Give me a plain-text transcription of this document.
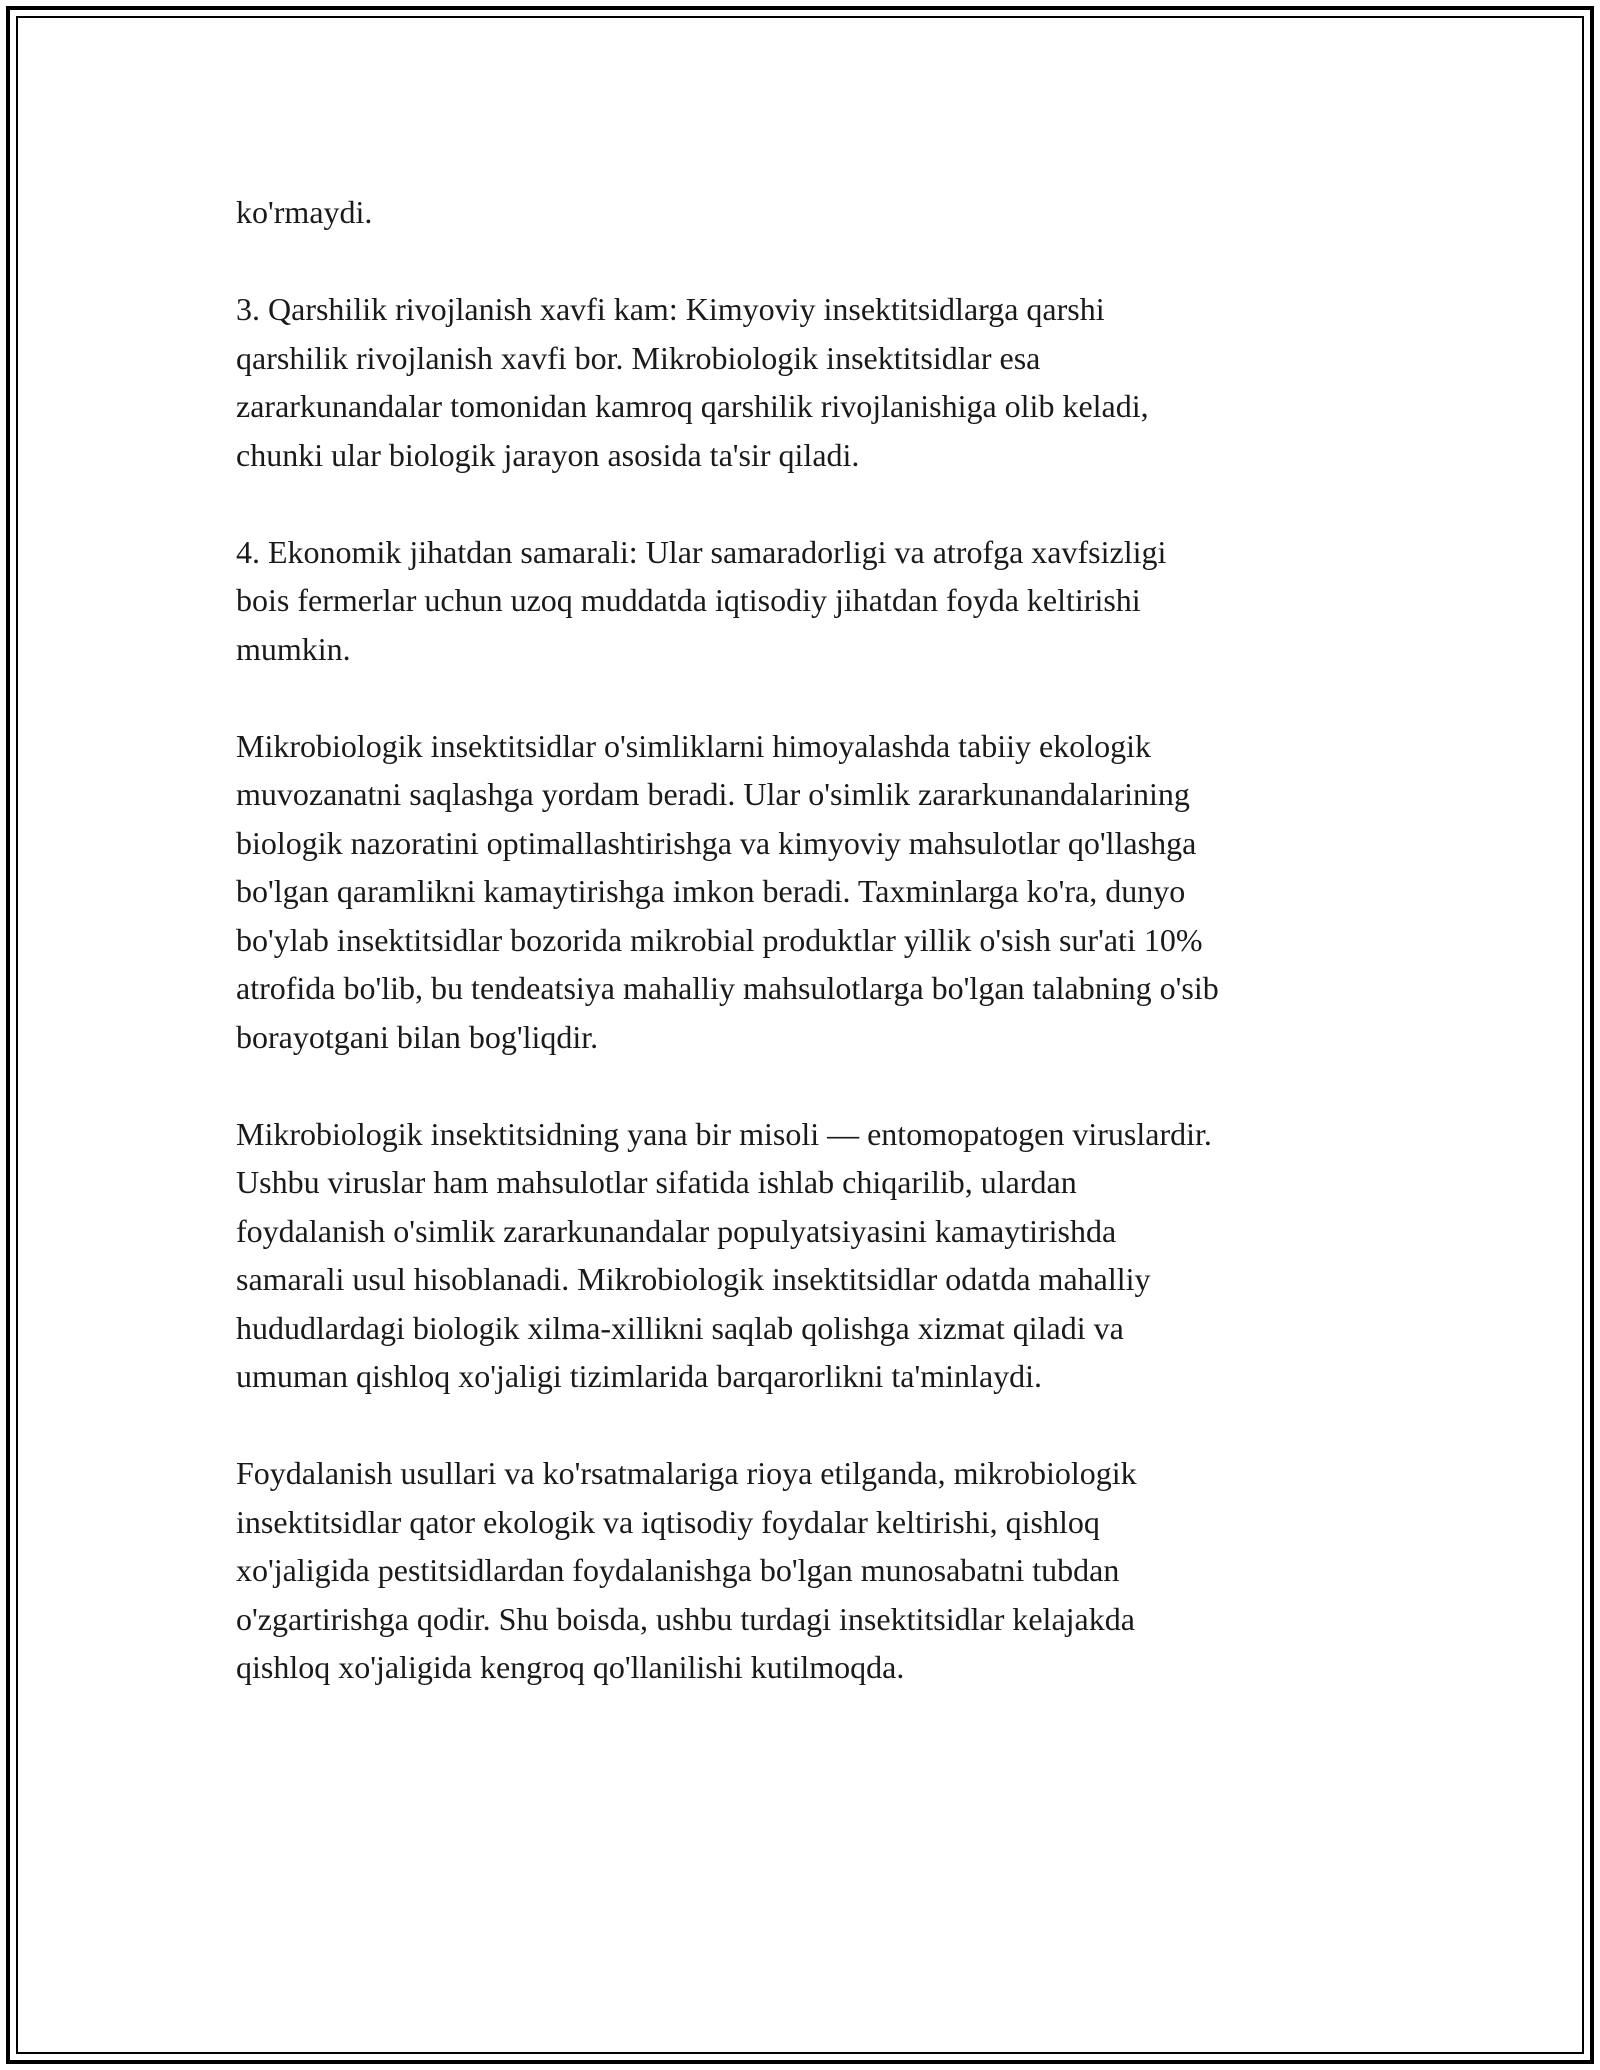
ko'rmaydi.

3. Qarshilik rivojlanish xavfi kam: Kimyoviy insektitsidlarga qarshi
qarshilik rivojlanish xavfi bor. Mikrobiologik insektitsidlar esa
zararkunandalar tomonidan kamroq qarshilik rivojlanishiga olib keladi,
chunki ular biologik jarayon asosida ta'sir qiladi.

4. Ekonomik jihatdan samarali: Ular samaradorligi va atrofga xavfsizligi
bois fermerlar uchun uzoq muddatda iqtisodiy jihatdan foyda keltirishi
mumkin.

Mikrobiologik insektitsidlar o'simliklarni himoyalashda tabiiy ekologik
muvozanatni saqlashga yordam beradi. Ular o'simlik zararkunandalarining
biologik nazoratini optimallashtirishga va kimyoviy mahsulotlar qo'llashga
bo'lgan qaramlikni kamaytirishga imkon beradi. Taxminlarga ko'ra, dunyo
bo'ylab insektitsidlar bozorida mikrobial produktlar yillik o'sish sur'ati 10%
atrofida bo'lib, bu tendeatsiya mahalliy mahsulotlarga bo'lgan talabning o'sib
borayotgani bilan bog'liqdir.

Mikrobiologik insektitsidning yana bir misoli — entomopatogen viruslardir.
Ushbu viruslar ham mahsulotlar sifatida ishlab chiqarilib, ulardan
foydalanish o'simlik zararkunandalar populyatsiyasini kamaytirishda
samarali usul hisoblanadi. Mikrobiologik insektitsidlar odatda mahalliy
hududlardagi biologik xilma-xillikni saqlab qolishga xizmat qiladi va
umuman qishloq xo'jaligi tizimlarida barqarorlikni ta'minlaydi.

Foydalanish usullari va ko'rsatmalariga rioya etilganda, mikrobiologik
insektitsidlar qator ekologik va iqtisodiy foydalar keltirishi, qishloq
xo'jaligida pestitsidlardan foydalanishga bo'lgan munosabatni tubdan
o'zgartirishga qodir. Shu boisda, ushbu turdagi insektitsidlar kelajakda
qishloq xo'jaligida kengroq qo'llanilishi kutilmoqda.
